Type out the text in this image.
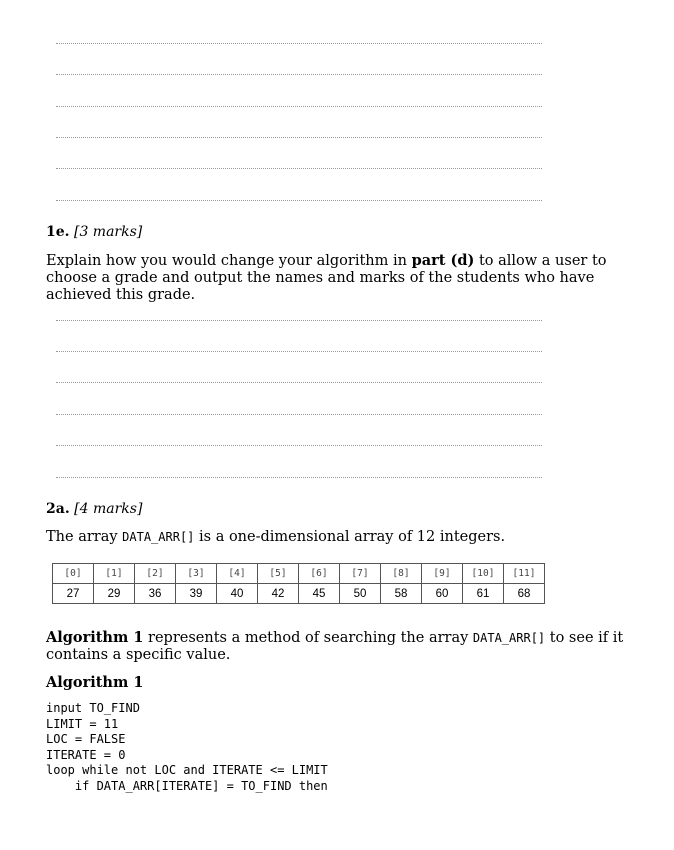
1e. [3 marks]
Explain how you would change your algorithm in part (d) to allow a user to choose a grade and output the names and marks of the students who have achieved this grade.
2a. [4 marks]
The array DATA_ARR[] is a one-dimensional array of 12 integers.
[0]	[1]	[2]	[3]	[4]	[5]	[6]	[7]	[8]	[9]	[10]	[11]
27	29	36	39	40	42	45	50	58	60	61	68
Algorithm 1 represents a method of searching the array DATA_ARR[] to see if it contains a specific value.
Algorithm 1
input TO_FIND
LIMIT = 11
LOC = FALSE
ITERATE = 0
loop while not LOC and ITERATE <= LIMIT
if DATA_ARR[ITERATE] = TO_FIND then
